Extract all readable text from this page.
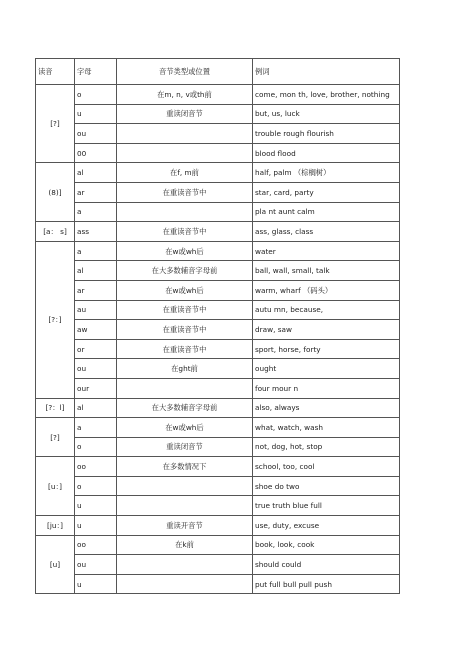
读音	字母	音节类型或位置	例词
[?]	o	在m, n, v或th前	come, mon th, love, brother, nothing
	u	重读闭音节	but, us, luck
	ou		trouble rough flourish
	00		blood flood
(8)]	al	在f, m前	half, palm （棕榈树）
	ar	在重读音节中	star, card, party
	a		pla nt aunt calm
[a： s]	ass	在重读音节中	ass, glass, class
[?：]	a	在w或wh后	water
	al	在大多数辅音字母前	ball, wall, small, talk
	ar	在w或wh后	warm, wharf （码头）
	au	在重读音节中	autu mn, because,
	aw	在重读音节中	draw, saw
	or	在重读音节中	sport, horse, forty
	ou	在ght前	ought
	our		four mour n
[?：l]	al	在大多数辅音字母前	also, always
[?]	a	在w或wh后	what, watch, wash
	o	重读闭音节	not, dog, hot, stop
[u：]	oo	在多数情况下	school, too, cool
	o		shoe do two
	u		true truth blue full
[ju：]	u	重读开音节	use, duty, excuse
[u]	oo	在k前	book, look, cook
	ou		should could
	u		put full bull pull push
